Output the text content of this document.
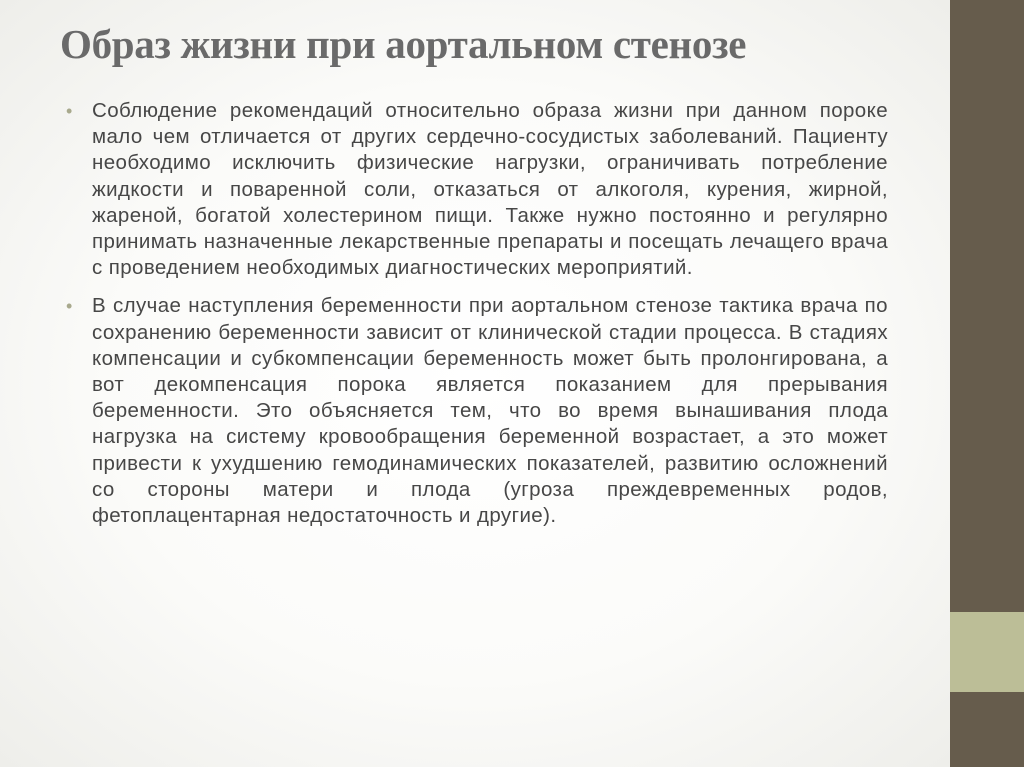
Образ жизни при аортальном стенозе
• Соблюдение рекомендаций относительно образа жизни при данном пороке мало чем отличается от других сердечно-сосудистых заболеваний. Пациенту необходимо исключить физические нагрузки, ограничивать потребление жидкости и поваренной соли, отказаться от алкоголя, курения, жирной, жареной, богатой холестерином пищи. Также нужно постоянно и регулярно принимать назначенные лекарственные препараты и посещать лечащего врача с проведением необходимых диагностических мероприятий.

• В случае наступления беременности при аортальном стенозе тактика врача по сохранению беременности зависит от клинической стадии процесса. В стадиях компенсации и субкомпенсации беременность может быть пролонгирована, а вот декомпенсация порока является показанием для прерывания беременности. Это объясняется тем, что во время вынашивания плода нагрузка на систему кровообращения беременной возрастает, а это может привести к ухудшению гемодинамических показателей, развитию осложнений со стороны матери и плода (угроза преждевременных родов, фетоплацентарная недостаточность и другие).
